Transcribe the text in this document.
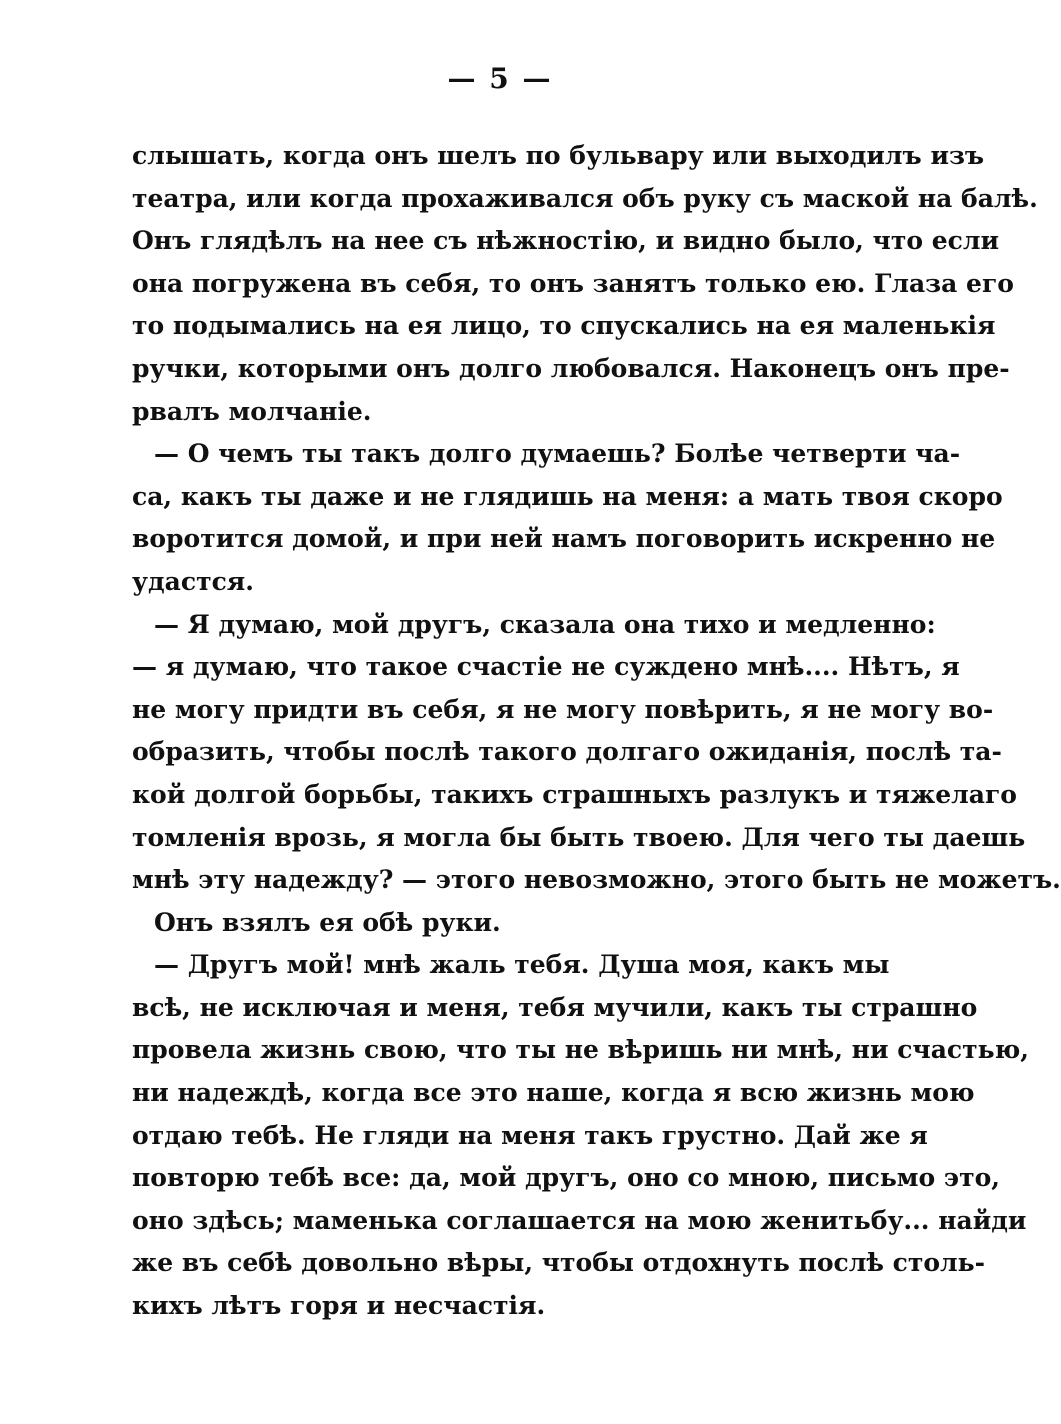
— 5 —
слышать, когда онъ шелъ по бульвару или выходилъ изъ
театра, или когда прохаживался объ руку съ маской на балѣ.
Онъ глядѣлъ на нее съ нѣжностію, и видно было, что если
она погружена въ себя, то онъ занятъ только ею. Глаза его
то подымались на ея лицо, то спускались на ея маленькія
ручки, которыми онъ долго любовался. Наконецъ онъ пре-
рвалъ молчаніе.
— О чемъ ты такъ долго думаешь? Болѣе четверти ча-
са, какъ ты даже и не глядишь на меня: а мать твоя скоро
воротится домой, и при ней намъ поговорить искренно не
удастся.
— Я думаю, мой другъ, сказала она тихо и медленно:
— я думаю, что такое счастіе не суждено мнѣ.... Нѣтъ, я
не могу придти въ себя, я не могу повѣрить, я не могу во-
образить, чтобы послѣ такого долгаго ожиданія, послѣ та-
кой долгой борьбы, такихъ страшныхъ разлукъ и тяжелаго
томленія врозь, я могла бы быть твоею. Для чего ты даешь
мнѣ эту надежду? — этого невозможно, этого быть не можетъ.
Онъ взялъ ея обѣ руки.
— Другъ мой! мнѣ жаль тебя. Душа моя, какъ мы
всѣ, не исключая и меня, тебя мучили, какъ ты страшно
провела жизнь свою, что ты не вѣришь ни мнѣ, ни счастью,
ни надеждѣ, когда все это наше, когда я всю жизнь мою
отдаю тебѣ. Не гляди на меня такъ грустно. Дай же я
повторю тебѣ все: да, мой другъ, оно со мною, письмо это,
оно здѣсь; маменька соглашается на мою женитьбу... найди
же въ себѣ довольно вѣры, чтобы отдохнуть послѣ столь-
кихъ лѣтъ горя и несчастія.
